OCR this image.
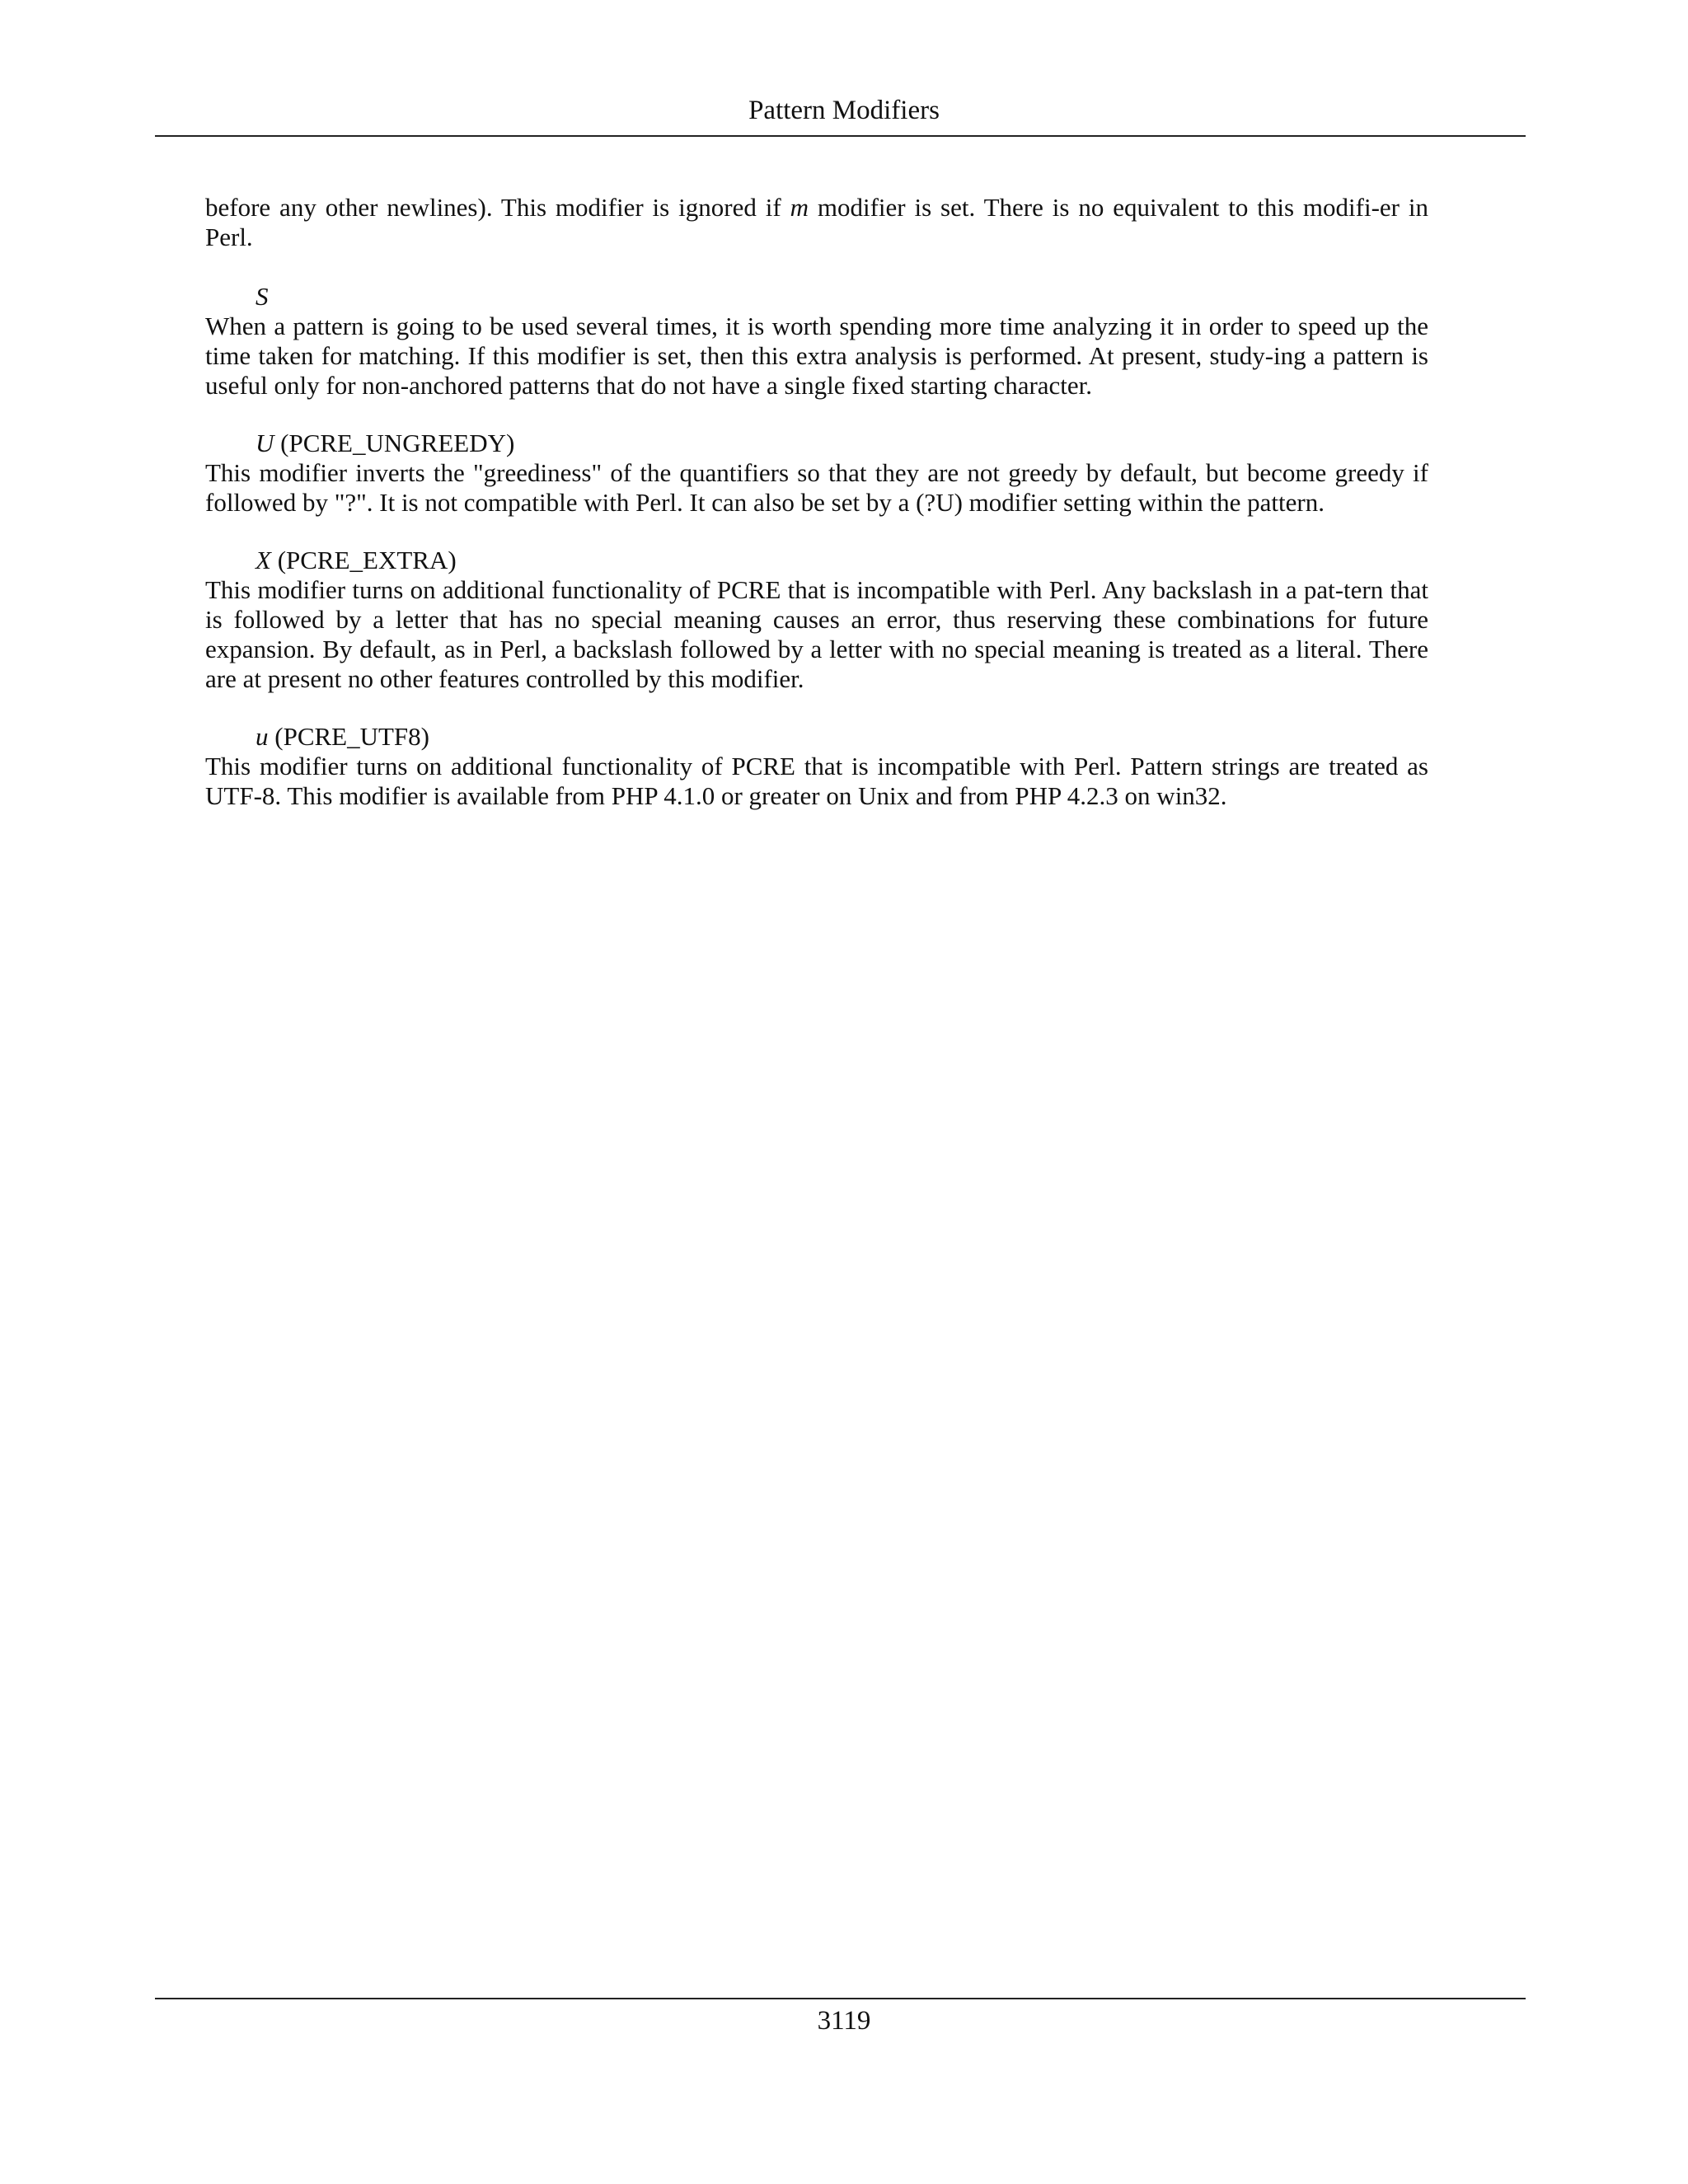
Pattern Modifiers

before any other newlines). This modifier is ignored if m modifier is set. There is no equivalent to this modifi-er in Perl.

S

When a pattern is going to be used several times, it is worth spending more time analyzing it in order to speed up the time taken for matching. If this modifier is set, then this extra analysis is performed. At present, study-ing a pattern is useful only for non-anchored patterns that do not have a single fixed starting character.

U (PCRE_UNGREEDY)

This modifier inverts the "greediness" of the quantifiers so that they are not greedy by default, but become greedy if followed by "?". It is not compatible with Perl. It can also be set by a (?U) modifier setting within the pattern.

X (PCRE_EXTRA)

This modifier turns on additional functionality of PCRE that is incompatible with Perl. Any backslash in a pat-tern that is followed by a letter that has no special meaning causes an error, thus reserving these combinations for future expansion. By default, as in Perl, a backslash followed by a letter with no special meaning is treated as a literal. There are at present no other features controlled by this modifier.

u (PCRE_UTF8)

This modifier turns on additional functionality of PCRE that is incompatible with Perl. Pattern strings are treated as UTF-8. This modifier is available from PHP 4.1.0 or greater on Unix and from PHP 4.2.3 on win32.

3119
